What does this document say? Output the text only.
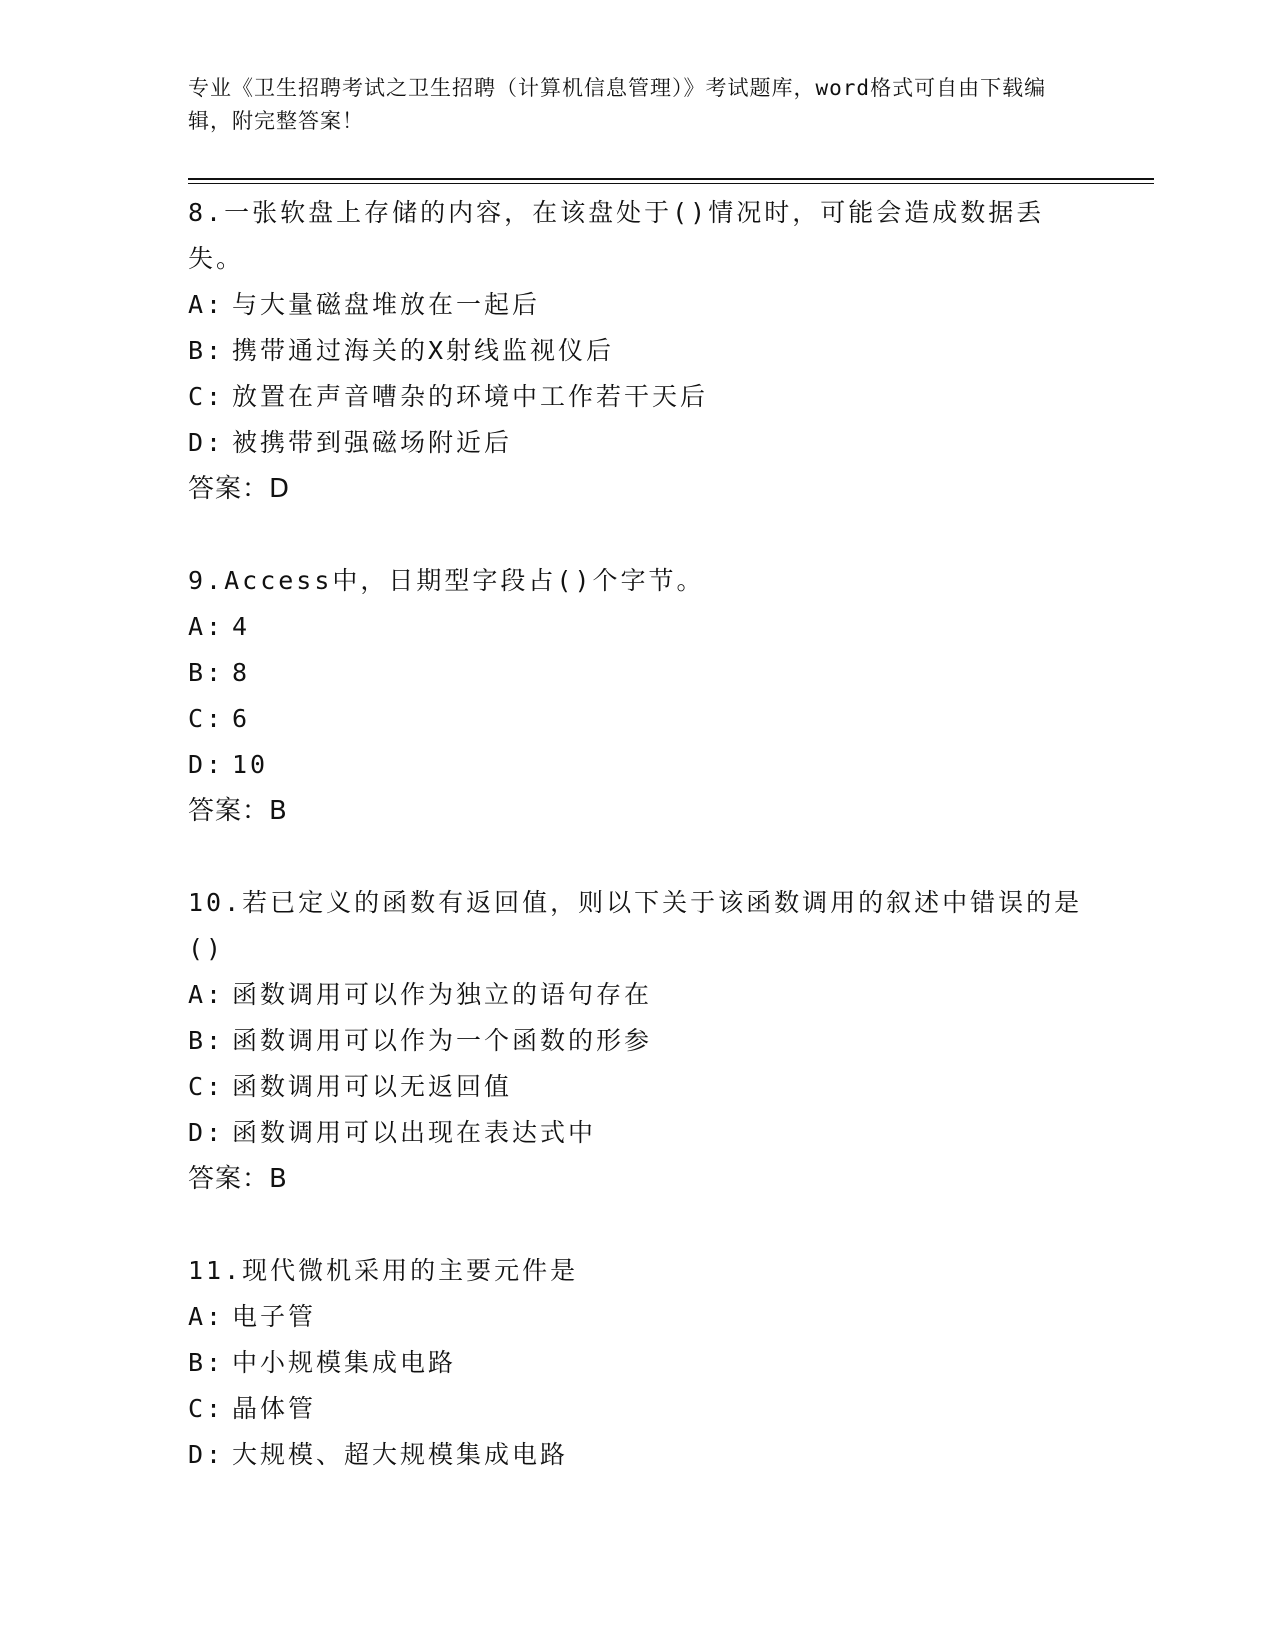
专业《卫生招聘考试之卫生招聘（计算机信息管理）》考试题库，word格式可自由下载编辑，附完整答案！

8.一张软盘上存储的内容，在该盘处于()情况时，可能会造成数据丢失。

A: 与大量磁盘堆放在一起后

B: 携带通过海关的X射线监视仪后

C: 放置在声音嘈杂的环境中工作若干天后

D: 被携带到强磁场附近后

答案：D

9.Access中，日期型字段占()个字节。

A: 4

B: 8

C: 6

D: 10

答案：B

10.若已定义的函数有返回值，则以下关于该函数调用的叙述中错误的是()

A: 函数调用可以作为独立的语句存在

B: 函数调用可以作为一个函数的形参

C: 函数调用可以无返回值

D: 函数调用可以出现在表达式中

答案：B

11.现代微机采用的主要元件是

A: 电子管

B: 中小规模集成电路

C: 晶体管

D: 大规模、超大规模集成电路
